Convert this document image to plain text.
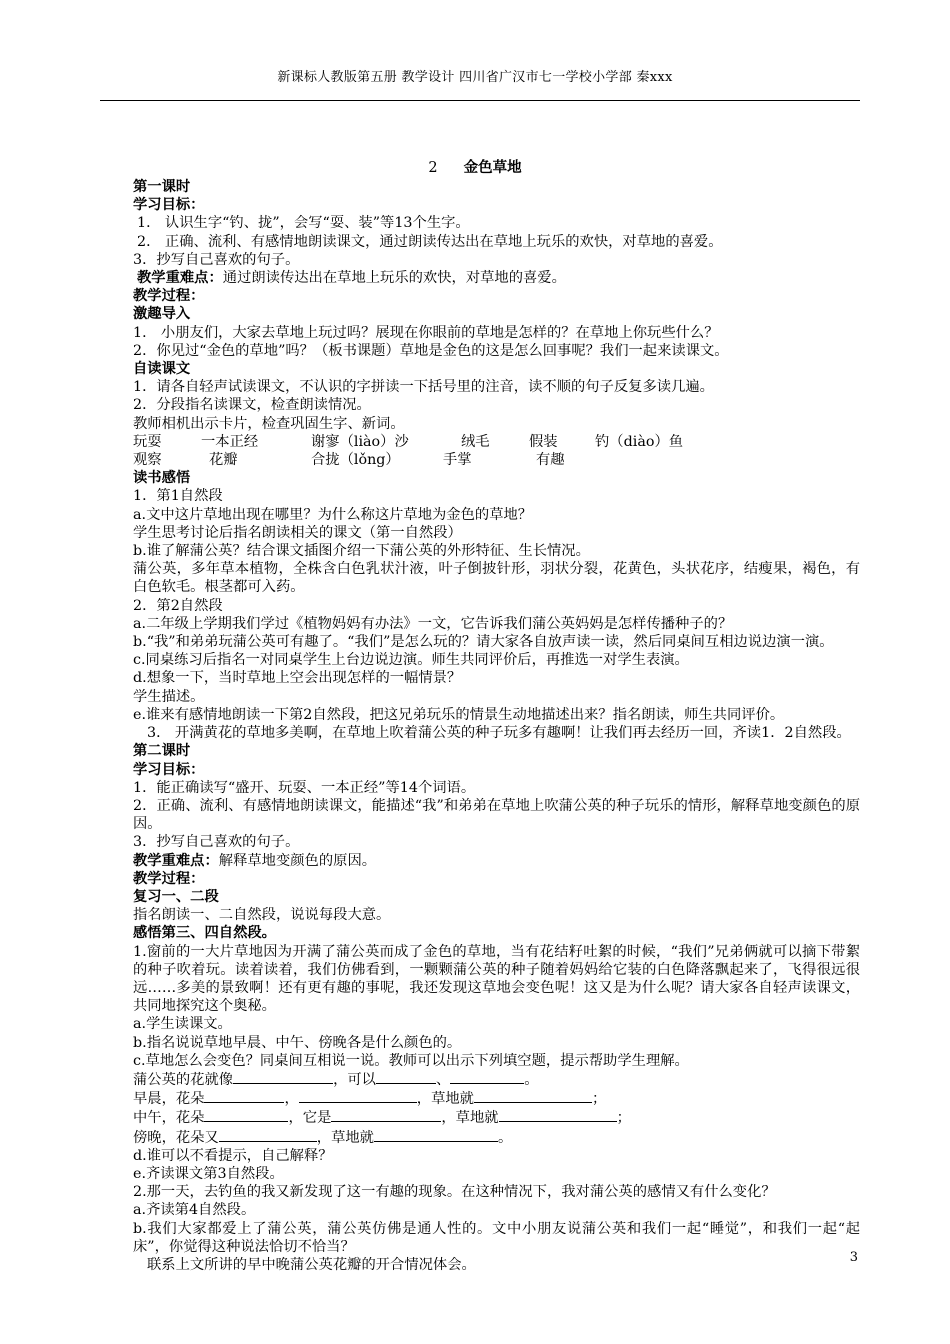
新课标人教版第五册 教学设计 四川省广汉市七一学校小学部 秦xxx
2 金色草地

第一课时

学习目标：

1． 认识生字“钓、拢”，会写“耍、装”等13个生字。

2． 正确、流利、有感情地朗读课文，通过朗读传达出在草地上玩乐的欢快，对草地的喜爱。

3．抄写自己喜欢的句子。

教学重难点：通过朗读传达出在草地上玩乐的欢快，对草地的喜爱。

教学过程：

激趣导入

1． 小朋友们，大家去草地上玩过吗？展现在你眼前的草地是怎样的？在草地上你玩些什么？

2．你见过“金色的草地”吗？（板书课题）草地是金色的这是怎么回事呢？我们一起来读课文。

自读课文

1．请各自轻声试读课文，不认识的字拼读一下括号里的注音，读不顺的句子反复多读几遍。

2．分段指名读课文，检查朗读情况。

教师相机出示卡片，检查巩固生字、新词。

玩耍	一本正经	谢寥（liào）沙	绒毛	假装	钓（diào）鱼

观察	花瓣	合拢（lǒng）	手掌	有趣

读书感悟

1．第1自然段

a.文中这片草地出现在哪里？为什么称这片草地为金色的草地？

学生思考讨论后指名朗读相关的课文（第一自然段）

b.谁了解蒲公英？结合课文插图介绍一下蒲公英的外形特征、生长情况。

蒲公英，多年草本植物，全株含白色乳状汁液，叶子倒披针形，羽状分裂，花黄色，头状花序，结瘦果，褐色，有白色软毛。根茎都可入药。

2．第2自然段

a.二年级上学期我们学过《植物妈妈有办法》一文，它告诉我们蒲公英妈妈是怎样传播种子的？

b.“我”和弟弟玩蒲公英可有趣了。“我们”是怎么玩的？请大家各自放声读一读，然后同桌间互相边说边演一演。

c.同桌练习后指名一对同桌学生上台边说边演。师生共同评价后，再推选一对学生表演。

d.想象一下，当时草地上空会出现怎样的一幅情景？

学生描述。

e.谁来有感情地朗读一下第2自然段，把这兄弟玩乐的情景生动地描述出来？指名朗读，师生共同评价。

3． 开满黄花的草地多美啊，在草地上吹着蒲公英的种子玩多有趣啊！让我们再去经历一回，齐读1．2自然段。

第二课时

学习目标：

1．能正确读写“盛开、玩耍、一本正经”等14个词语。

2．正确、流利、有感情地朗读课文，能描述“我”和弟弟在草地上吹蒲公英的种子玩乐的情形，解释草地变颜色的原因。

3．抄写自己喜欢的句子。

教学重难点：解释草地变颜色的原因。

教学过程：

复习一、二段

指名朗读一、二自然段，说说每段大意。

感悟第三、四自然段。

1.窗前的一大片草地因为开满了蒲公英而成了金色的草地，当有花结籽吐絮的时候，“我们”兄弟俩就可以摘下带絮的种子吹着玩。读着读着，我们仿佛看到，一颗颗蒲公英的种子随着妈妈给它装的白色降落飘起来了，飞得很远很远……多美的景致啊！还有更有趣的事呢，我还发现这草地会变色呢！这又是为什么呢？请大家各自轻声读课文，共同地探究这个奥秘。

a.学生读课文。

b.指名说说草地早晨、中午、傍晚各是什么颜色的。

c.草地怎么会变色？同桌间互相说一说。教师可以出示下列填空题，提示帮助学生理解。

蒲公英的花就像	，可以	、	。

早晨，花朵	，	，草地就	；

中午，花朵	，它是	，草地就	；

傍晚，花朵又	，草地就	。

d.谁可以不看提示，自己解释？

e.齐读课文第3自然段。

2.那一天，去钓鱼的我又新发现了这一有趣的现象。在这种情况下，我对蒲公英的感情又有什么变化？

a.齐读第4自然段。

b.我们大家都爱上了蒲公英，蒲公英仿佛是通人性的。文中小朋友说蒲公英和我们一起“睡觉”，和我们一起“起床”，你觉得这种说法恰切不恰当？

联系上文所讲的早中晚蒲公英花瓣的开合情况体会。	3
